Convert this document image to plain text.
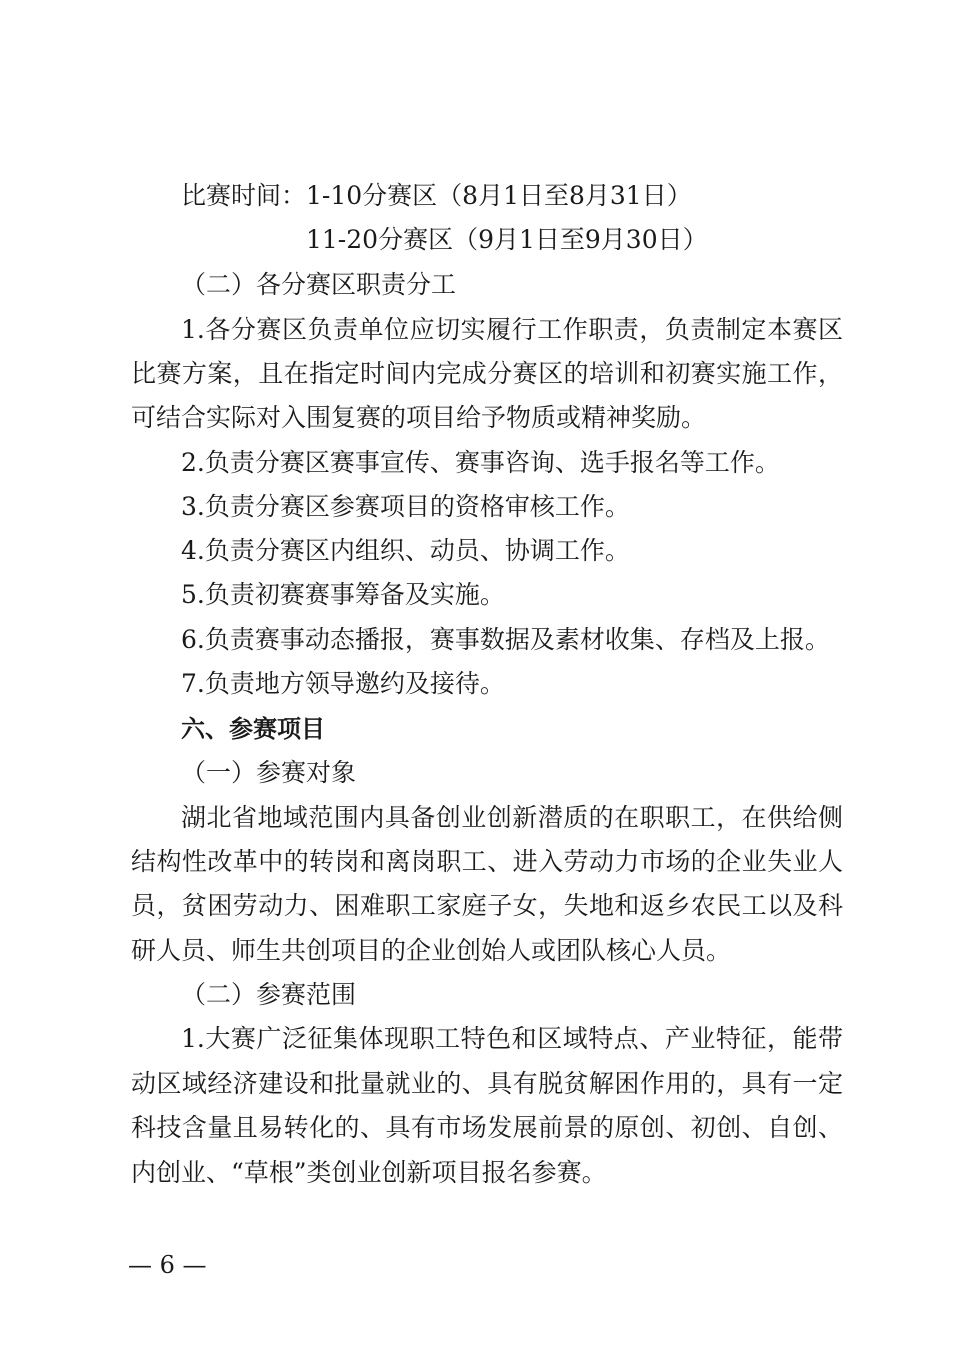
比赛时间：1-10分赛区（8月1日至8月31日）
11-20分赛区（9月1日至9月30日）
（二）各分赛区职责分工
1.各分赛区负责单位应切实履行工作职责，负责制定本赛区
比赛方案，且在指定时间内完成分赛区的培训和初赛实施工作，
可结合实际对入围复赛的项目给予物质或精神奖励。
2.负责分赛区赛事宣传、赛事咨询、选手报名等工作。
3.负责分赛区参赛项目的资格审核工作。
4.负责分赛区内组织、动员、协调工作。
5.负责初赛赛事筹备及实施。
6.负责赛事动态播报，赛事数据及素材收集、存档及上报。
7.负责地方领导邀约及接待。
六、参赛项目
（一）参赛对象
湖北省地域范围内具备创业创新潜质的在职职工，在供给侧
结构性改革中的转岗和离岗职工、进入劳动力市场的企业失业人
员，贫困劳动力、困难职工家庭子女，失地和返乡农民工以及科
研人员、师生共创项目的企业创始人或团队核心人员。
（二）参赛范围
1.大赛广泛征集体现职工特色和区域特点、产业特征，能带
动区域经济建设和批量就业的、具有脱贫解困作用的，具有一定
科技含量且易转化的、具有市场发展前景的原创、初创、自创、
内创业、“草根”类创业创新项目报名参赛。
— 6 —
